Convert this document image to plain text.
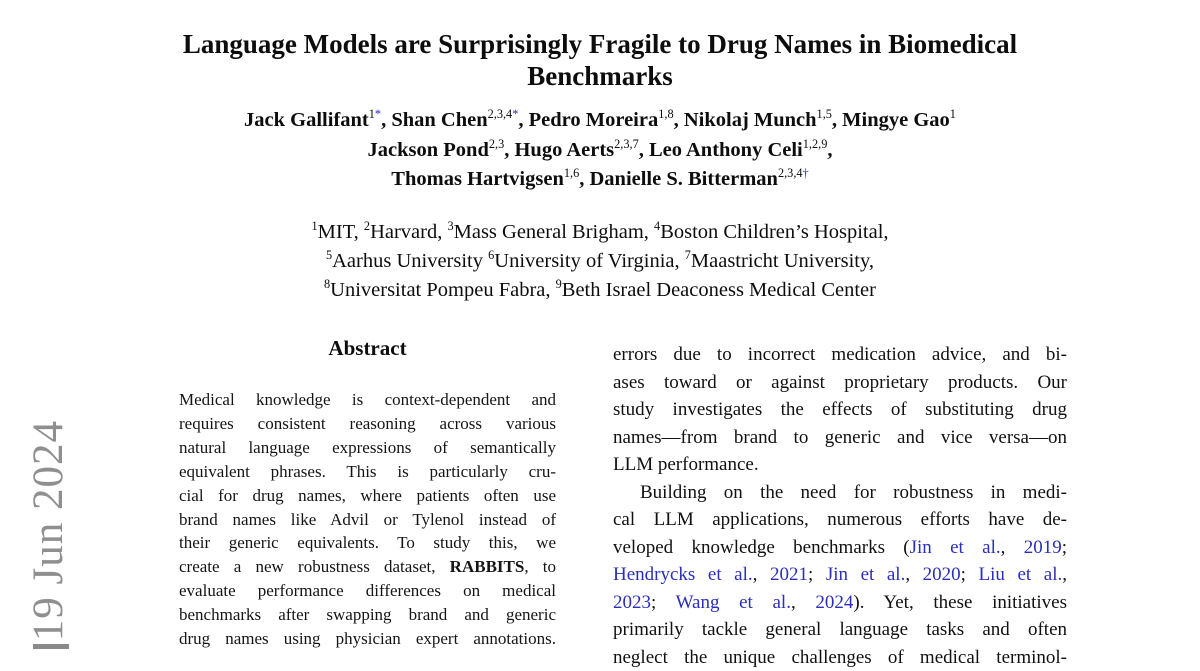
19 Jun 2024
Language Models are Surprisingly Fragile to Drug Names in Biomedical
Benchmarks
Jack Gallifant$^{1*}$, Shan Chen$^{2,3,4*}$, Pedro Moreira$^{1,8}$, Nikolaj Munch$^{1,5}$, Mingye Gao$^1$
Jackson Pond$^{2,3}$, Hugo Aerts$^{2,3,7}$, Leo Anthony Celi$^{1,2,9}$,
Thomas Hartvigsen$^{1,6}$, Danielle S. Bitterman$^{2,3,4\dagger}$
$^1$MIT, $^2$Harvard, $^3$Mass General Brigham, $^4$Boston Children’s Hospital,
$^5$Aarhus University $^6$University of Virginia, $^7$Maastricht University,
$^8$Universitat Pompeu Fabra, $^9$Beth Israel Deaconess Medical Center
Abstract
Medical knowledge is context-dependent and
requires consistent reasoning across various
natural language expressions of semantically
equivalent phrases. This is particularly cru-
cial for drug names, where patients often use
brand names like Advil or Tylenol instead of
their generic equivalents. To study this, we
create a new robustness dataset, RABBITS, to
evaluate performance differences on medical
benchmarks after swapping brand and generic
drug names using physician expert annotations.
errors due to incorrect medication advice, and bi-
ases toward or against proprietary products. Our
study investigates the effects of substituting drug
names—from brand to generic and vice versa—on
LLM performance.
Building on the need for robustness in medi-
cal LLM applications, numerous efforts have de-
veloped knowledge benchmarks (Jin et al., 2019;
Hendrycks et al., 2021; Jin et al., 2020; Liu et al.,
2023; Wang et al., 2024). Yet, these initiatives
primarily tackle general language tasks and often
neglect the unique challenges of medical terminol-
